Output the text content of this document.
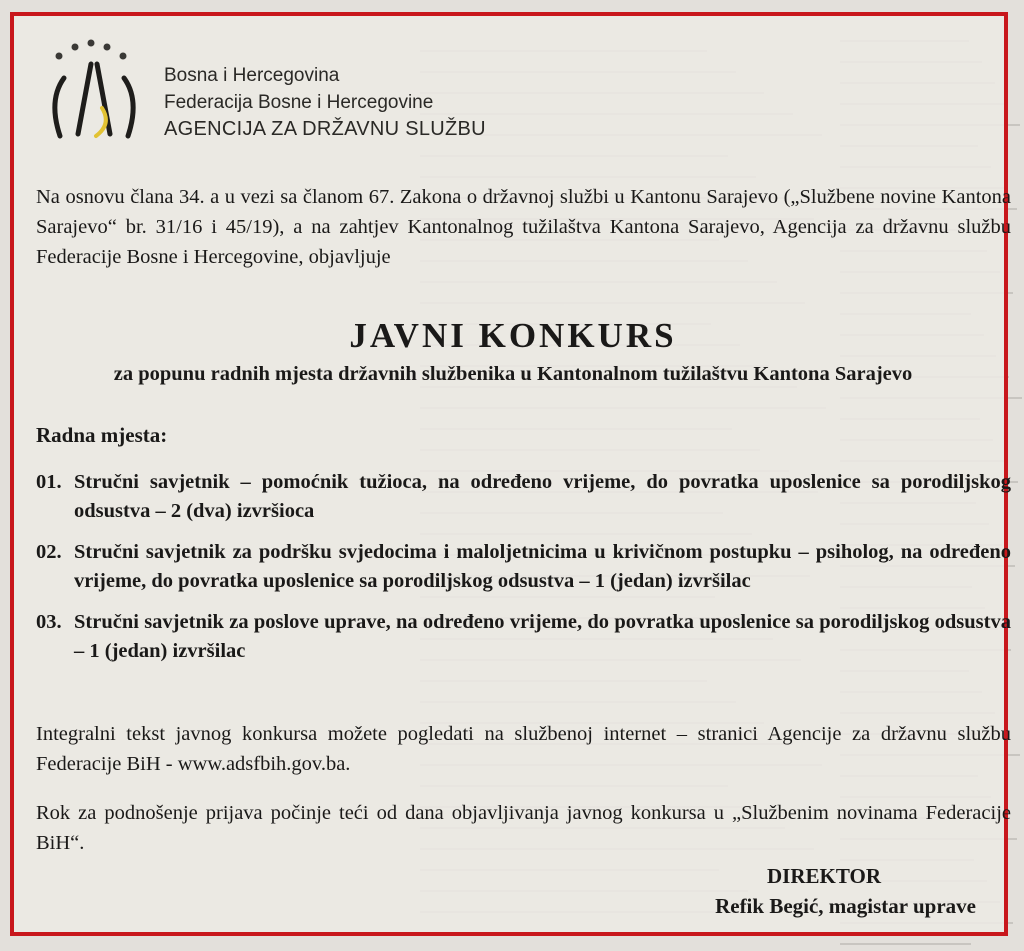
Bosna i Hercegovina
Federacija Bosne i Hercegovine
AGENCIJA ZA DRŽAVNU SLUŽBU
Na osnovu člana 34. a u vezi sa članom 67. Zakona o državnoj službi u Kantonu Sarajevo („Službene novine Kantona Sarajevo“ br. 31/16 i 45/19), a na zahtjev Kantonalnog tužilaštva Kantona Sarajevo, Agencija za državnu službu Federacije Bosne i Hercegovine, objavljuje
JAVNI KONKURS
za popunu radnih mjesta državnih službenika u Kantonalnom tužilaštvu Kantona Sarajevo
Radna mjesta:
01. Stručni savjetnik – pomoćnik tužioca, na određeno vrijeme, do povratka uposlenice sa porodiljskog odsustva – 2 (dva) izvršioca
02. Stručni savjetnik za podršku svjedocima i maloljetnicima u krivičnom postupku – psiholog, na određeno vrijeme, do povratka uposlenice sa porodiljskog odsustva – 1 (jedan) izvršilac
03. Stručni savjetnik za poslove uprave, na određeno vrijeme, do povratka uposlenice sa porodiljskog odsustva – 1 (jedan) izvršilac
Integralni tekst javnog konkursa možete pogledati na službenoj internet – stranici Agencije za državnu službu Federacije BiH - www.adsfbih.gov.ba.
Rok za podnošenje prijava počinje teći od dana objavljivanja javnog konkursa u „Službenim novinama Federacije BiH“.
DIREKTOR
Refik Begić, magistar uprave
